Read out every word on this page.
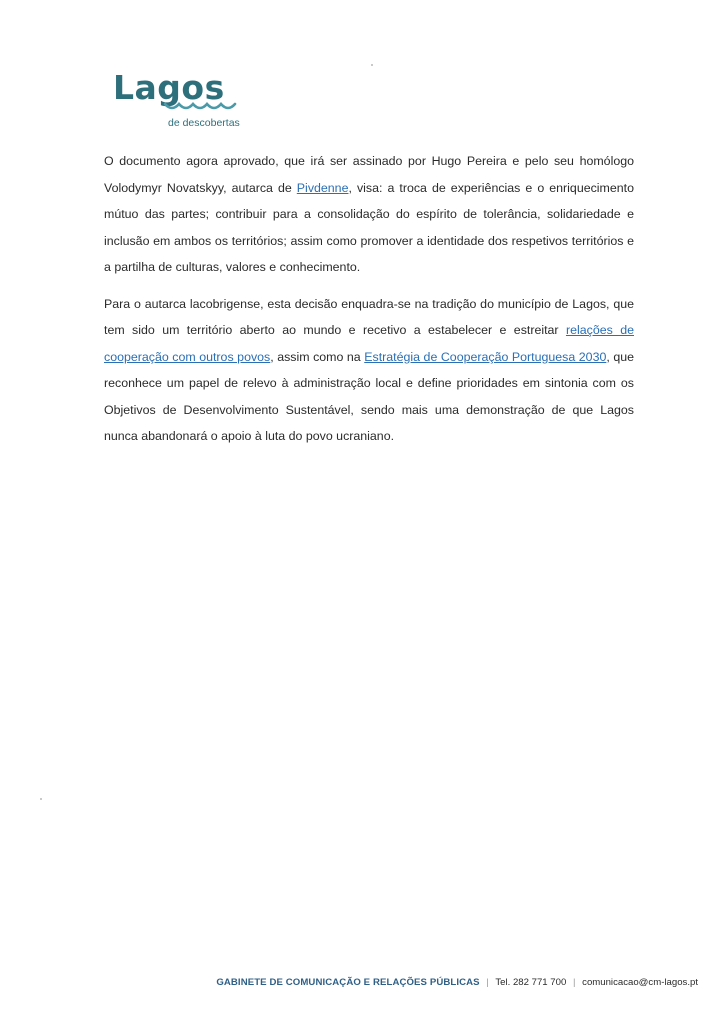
Lagos
de descobertas

O documento agora aprovado, que irá ser assinado por Hugo Pereira e pelo seu homólogo Volodymyr Novatskyy, autarca de Pivdenne, visa: a troca de experiências e o enriquecimento mútuo das partes; contribuir para a consolidação do espírito de tolerância, solidariedade e inclusão em ambos os territórios; assim como promover a identidade dos respetivos territórios e a partilha de culturas, valores e conhecimento.

Para o autarca lacobrigense, esta decisão enquadra-se na tradição do município de Lagos, que tem sido um território aberto ao mundo e recetivo a estabelecer e estreitar relações de cooperação com outros povos, assim como na Estratégia de Cooperação Portuguesa 2030, que reconhece um papel de relevo à administração local e define prioridades em sintonia com os Objetivos de Desenvolvimento Sustentável, sendo mais uma demonstração de que Lagos nunca abandonará o apoio à luta do povo ucraniano.

GABINETE DE COMUNICAÇÃO E RELAÇÕES PÚBLICAS | Tel. 282 771 700 | comunicacao@cm-lagos.pt
